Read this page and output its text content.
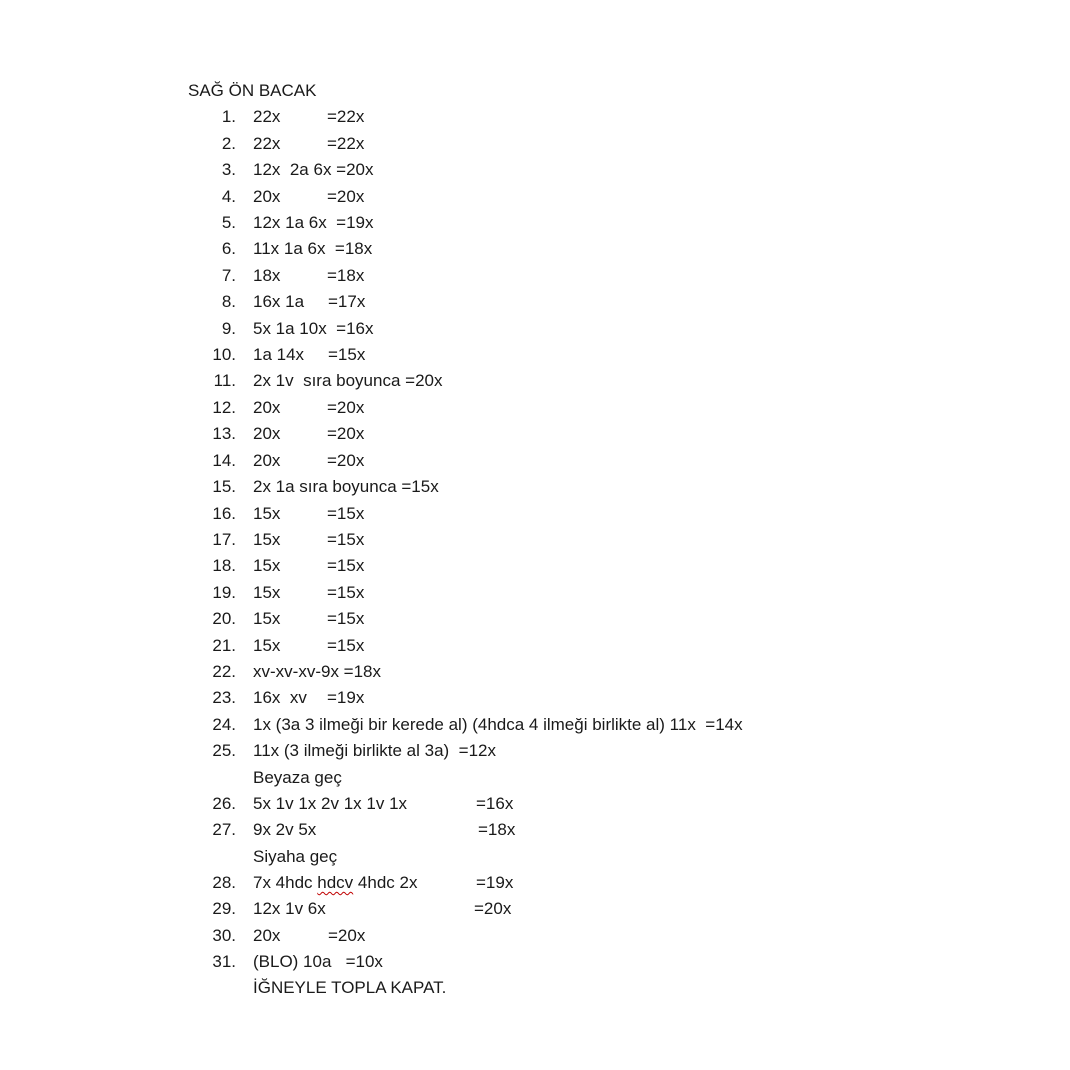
SAĞ ÖN BACAK
1. 22x	=22x
2. 22x	=22x
3. 12x  2a 6x =20x
4. 20x	=20x
5. 12x 1a 6x  =19x
6. 11x 1a 6x  =18x
7. 18x	=18x
8. 16x 1a =17x
9. 5x 1a 10x  =16x
10. 1a 14x =15x
11. 2x 1v  sıra boyunca =20x
12. 20x	=20x
13. 20x	=20x
14. 20x	=20x
15. 2x 1a sıra boyunca =15x
16. 15x	=15x
17. 15x	=15x
18. 15x	=15x
19. 15x	=15x
20. 15x	=15x
21. 15x	=15x
22. xv-xv-xv-9x =18x
23. 16x  xv =19x
24. 1x (3a 3 ilmeği bir kerede al) (4hdca 4 ilmeği birlikte al) 11x  =14x
25. 11x (3 ilmeği birlikte al 3a)  =12x
Beyaza geç
26. 5x 1v 1x 2v 1x 1v 1x	=16x
27. 9x 2v 5x	=18x
Siyaha geç
28. 7x 4hdc hdcv 4hdc 2x	=19x
29. 12x 1v 6x	=20x
30. 20x	=20x
31. (BLO) 10a   =10x
İĞNEYLE TOPLA KAPAT.
